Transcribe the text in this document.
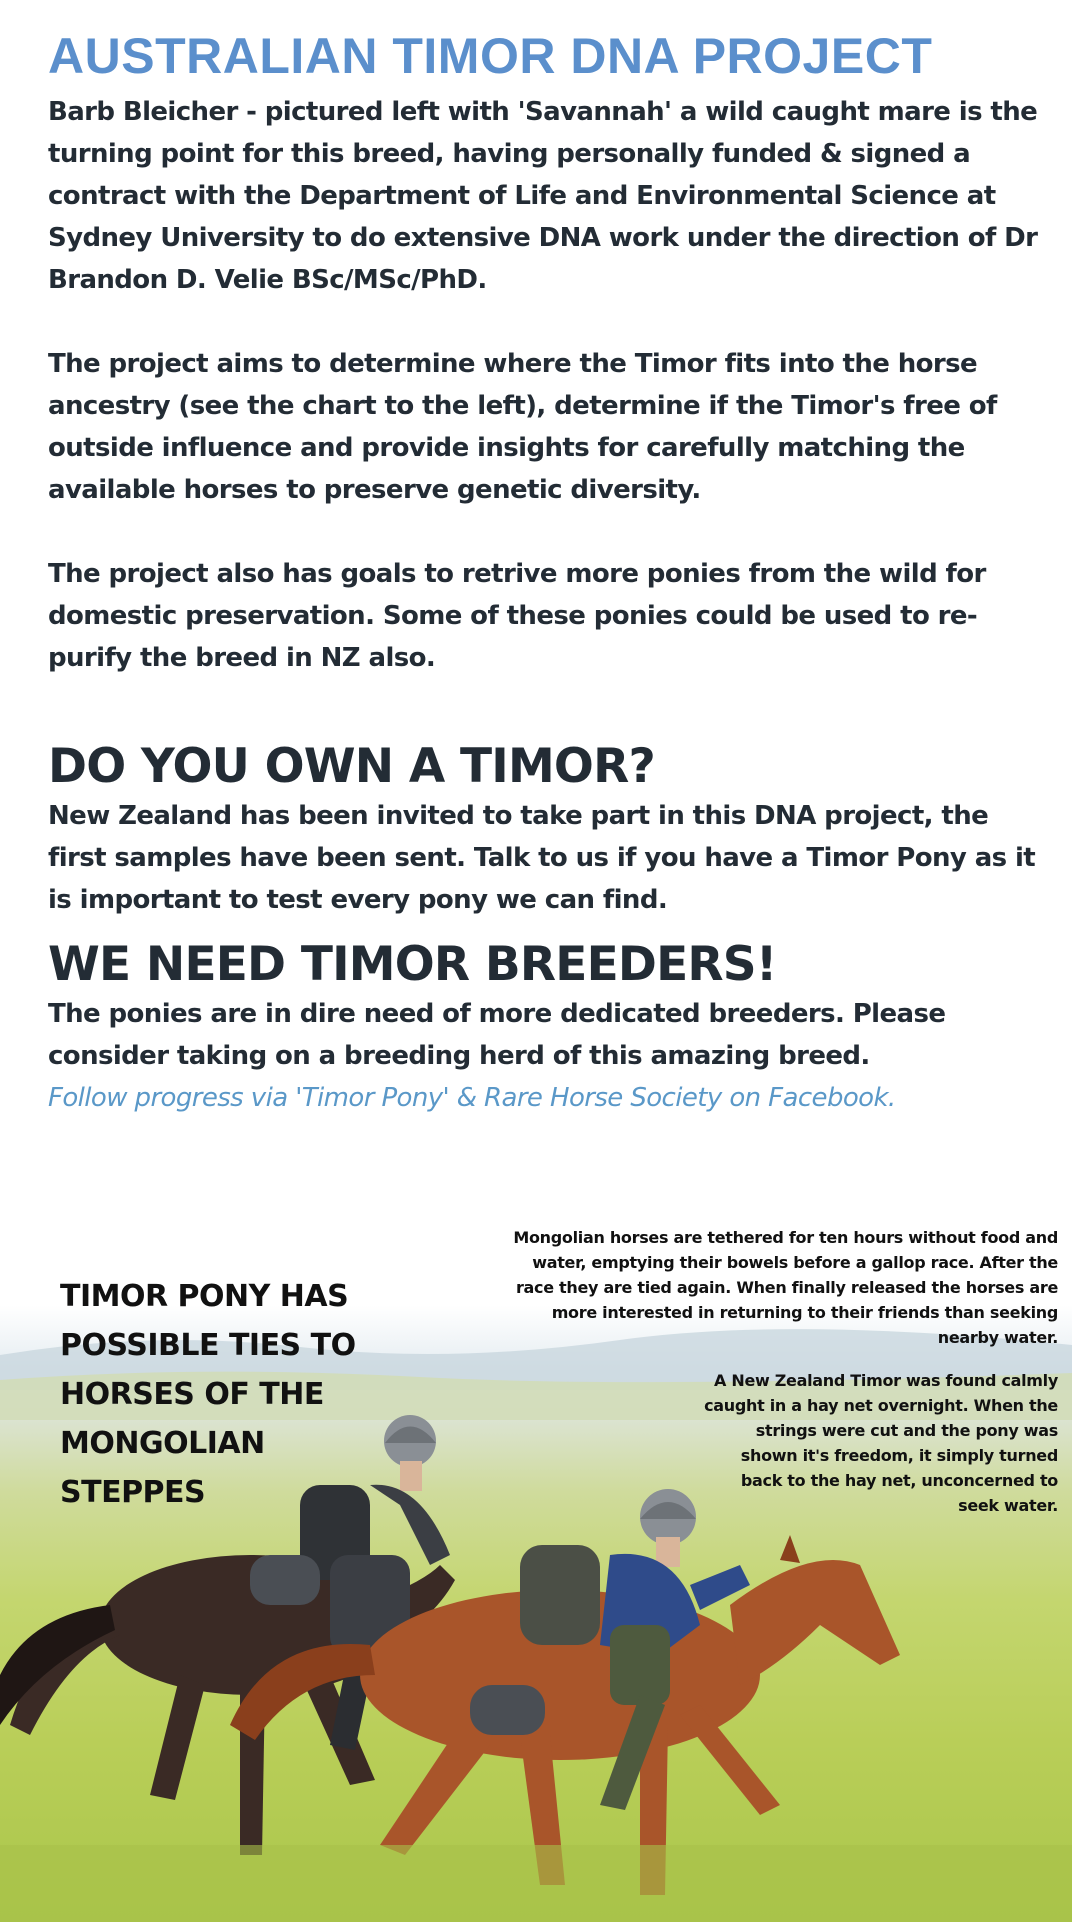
AUSTRALIAN TIMOR DNA PROJECT

Barb Bleicher - pictured left with 'Savannah' a wild caught mare is the turning point for this breed, having personally funded & signed a contract with the Department of Life and Environmental Science at Sydney University to do extensive DNA work under the direction of Dr Brandon D. Velie BSc/MSc/PhD.

The project aims to determine where the Timor fits into the horse ancestry (see the chart to the left), determine if the Timor's free of outside influence and provide insights for carefully matching the available horses to preserve genetic diversity.

The project also has goals to retrive more ponies from the wild for domestic preservation. Some of these ponies could be used to re-purify the breed in NZ also.

DO YOU OWN A TIMOR?

New Zealand has been invited to take part in this DNA project, the first samples have been sent. Talk to us if you have a Timor Pony as it is important to test every pony we can find.

WE NEED TIMOR BREEDERS!

The ponies are in dire need of more dedicated breeders. Please consider taking on a breeding herd of this amazing breed.

Follow progress via 'Timor Pony' & Rare Horse Society on Facebook.

Mongolian horses are tethered for ten hours without food and water, emptying their bowels before a gallop race. After the race they are tied again. When finally released the horses are more interested in returning to their friends than seeking nearby water.

TIMOR PONY HAS POSSIBLE TIES TO HORSES OF THE MONGOLIAN STEPPES

A New Zealand Timor was found calmly caught in a hay net overnight. When the strings were cut and the pony was shown it's freedom, it simply turned back to the hay net, unconcerned to seek water.
